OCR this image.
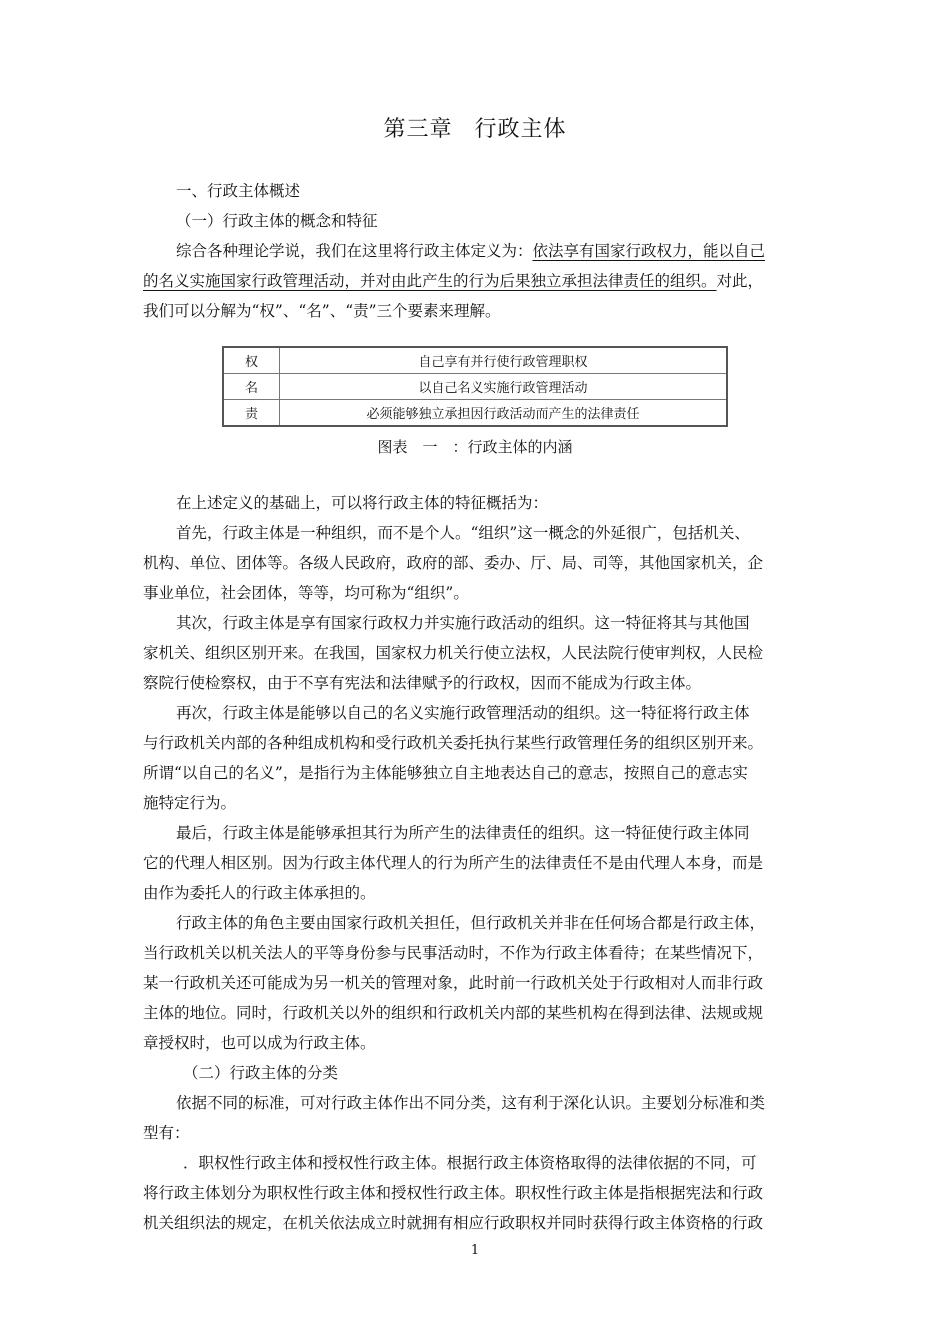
第三章 行政主体
一、行政主体概述
（一）行政主体的概念和特征
综合各种理论学说，我们在这里将行政主体定义为：依法享有国家行政权力，能以自己
的名义实施国家行政管理活动，并对由此产生的行为后果独立承担法律责任的组织。对此，
我们可以分解为“权”、“名”、“责”三个要素来理解。
权	自己享有并行使行政管理职权
名	以自己名义实施行政管理活动
责	必须能够独立承担因行政活动而产生的法律责任
图表　一　：行政主体的内涵
在上述定义的基础上，可以将行政主体的特征概括为：
首先，行政主体是一种组织，而不是个人。“组织”这一概念的外延很广，包括机关、
机构、单位、团体等。各级人民政府，政府的部、委办、厅、局、司等，其他国家机关，企
事业单位，社会团体，等等，均可称为“组织”。
其次，行政主体是享有国家行政权力并实施行政活动的组织。这一特征将其与其他国
家机关、组织区别开来。在我国，国家权力机关行使立法权，人民法院行使审判权，人民检
察院行使检察权，由于不享有宪法和法律赋予的行政权，因而不能成为行政主体。
再次，行政主体是能够以自己的名义实施行政管理活动的组织。这一特征将行政主体
与行政机关内部的各种组成机构和受行政机关委托执行某些行政管理任务的组织区别开来。
所谓“以自己的名义”，是指行为主体能够独立自主地表达自己的意志，按照自己的意志实
施特定行为。
最后，行政主体是能够承担其行为所产生的法律责任的组织。这一特征使行政主体同
它的代理人相区别。因为行政主体代理人的行为所产生的法律责任不是由代理人本身，而是
由作为委托人的行政主体承担的。
行政主体的角色主要由国家行政机关担任，但行政机关并非在任何场合都是行政主体，
当行政机关以机关法人的平等身份参与民事活动时，不作为行政主体看待；在某些情况下，
某一行政机关还可能成为另一机关的管理对象，此时前一行政机关处于行政相对人而非行政
主体的地位。同时，行政机关以外的组织和行政机关内部的某些机构在得到法律、法规或规
章授权时，也可以成为行政主体。
（二）行政主体的分类
依据不同的标准，可对行政主体作出不同分类，这有利于深化认识。主要划分标准和类
型有：
．职权性行政主体和授权性行政主体。根据行政主体资格取得的法律依据的不同，可
将行政主体划分为职权性行政主体和授权性行政主体。职权性行政主体是指根据宪法和行政
机关组织法的规定，在机关依法成立时就拥有相应行政职权并同时获得行政主体资格的行政
1
